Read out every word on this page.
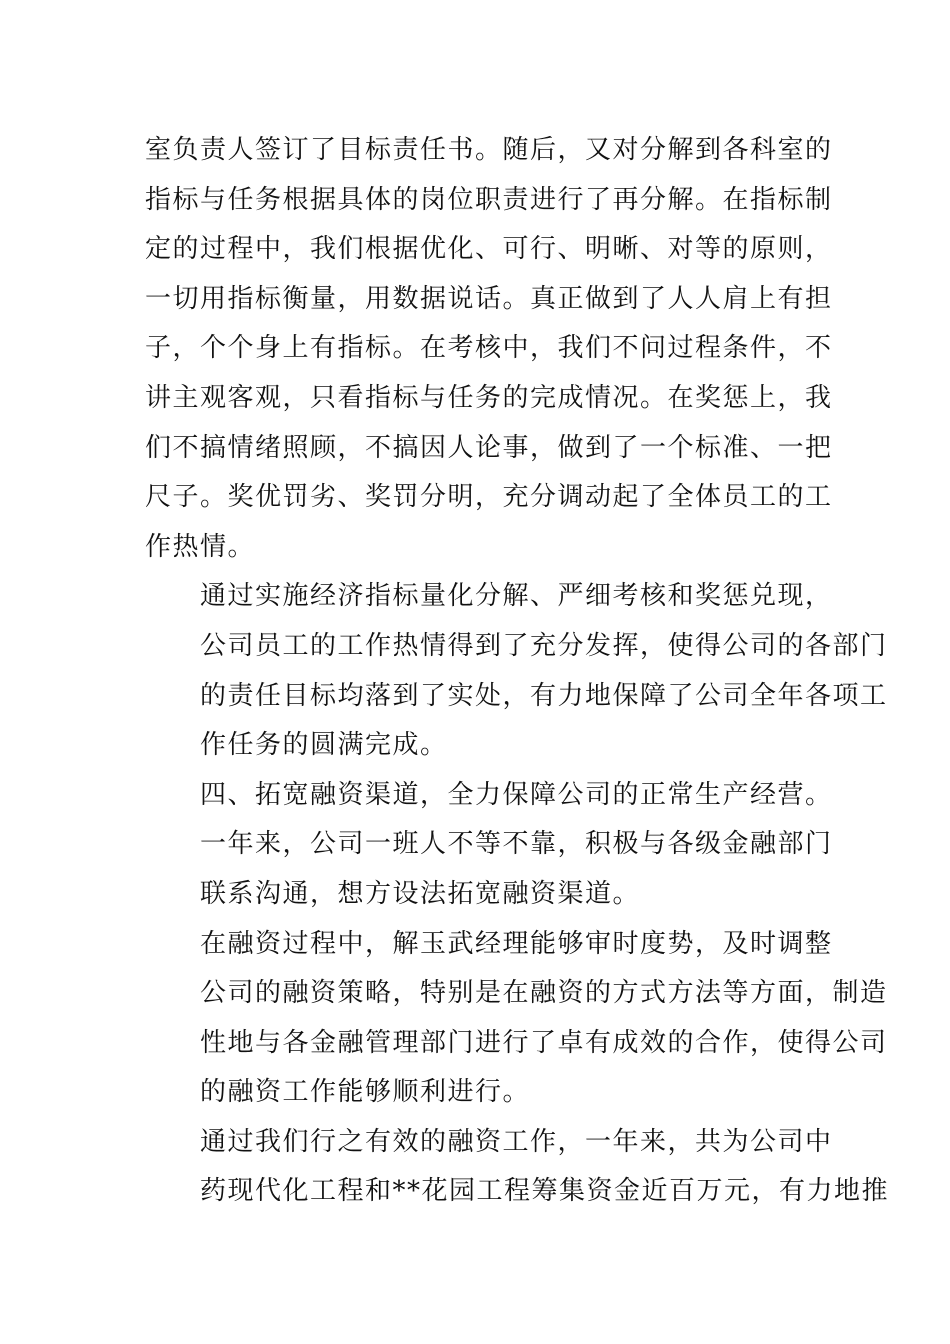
室负责人签订了目标责任书。随后，又对分解到各科室的
指标与任务根据具体的岗位职责进行了再分解。在指标制
定的过程中，我们根据优化、可行、明晰、对等的原则，
一切用指标衡量，用数据说话。真正做到了人人肩上有担
子，个个身上有指标。在考核中，我们不问过程条件，不
讲主观客观，只看指标与任务的完成情况。在奖惩上，我
们不搞情绪照顾，不搞因人论事，做到了一个标准、一把
尺子。奖优罚劣、奖罚分明，充分调动起了全体员工的工
作热情。
通过实施经济指标量化分解、严细考核和奖惩兑现，
公司员工的工作热情得到了充分发挥，使得公司的各部门
的责任目标均落到了实处，有力地保障了公司全年各项工
作任务的圆满完成。
四、拓宽融资渠道，全力保障公司的正常生产经营。
一年来，公司一班人不等不靠，积极与各级金融部门
联系沟通，想方设法拓宽融资渠道。
在融资过程中，解玉武经理能够审时度势，及时调整
公司的融资策略，特别是在融资的方式方法等方面，制造
性地与各金融管理部门进行了卓有成效的合作，使得公司
的融资工作能够顺利进行。
通过我们行之有效的融资工作，一年来，共为公司中
药现代化工程和**花园工程筹集资金近百万元，有力地推
